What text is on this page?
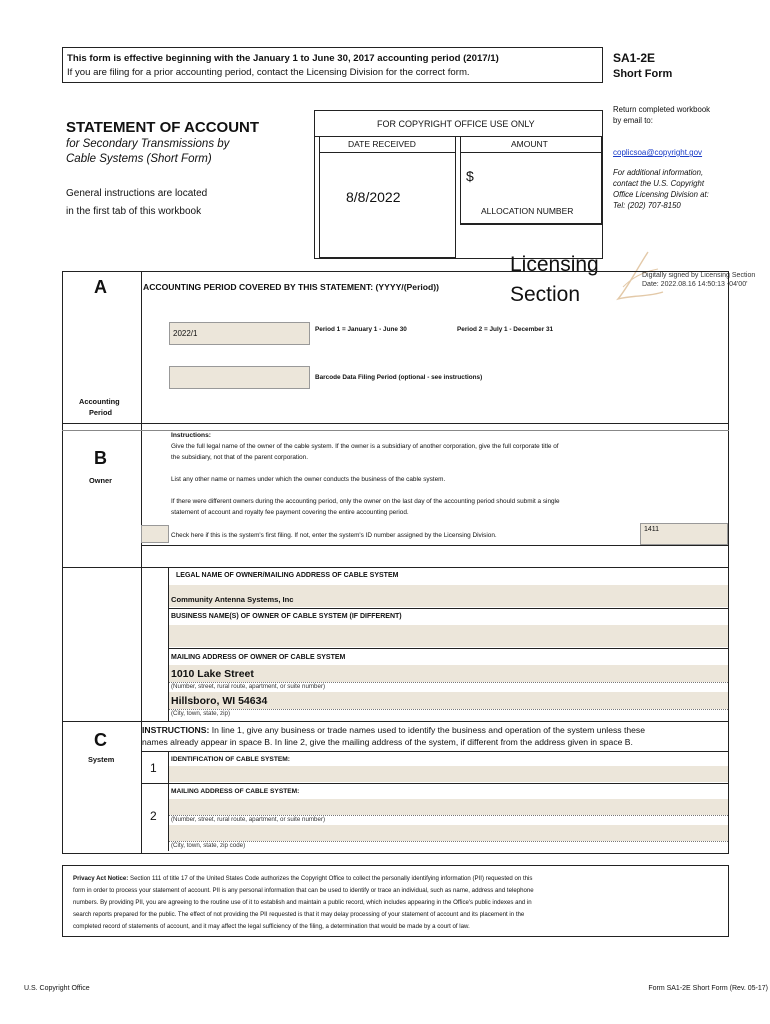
This form is effective beginning with the January 1 to June 30, 2017 accounting period (2017/1)
If you are filing for a prior accounting period, contact the Licensing Division for the correct form.
SA1-2E
Short Form
Return completed workbook
by email to:
coplicsoa@copyright.gov
For additional information,
contact the U.S. Copyright
Office Licensing Division at:
Tel: (202) 707-8150
STATEMENT OF ACCOUNT
for Secondary Transmissions by
Cable Systems (Short Form)
General instructions are located
in the first tab of this workbook
FOR COPYRIGHT OFFICE USE ONLY
DATE RECEIVED	AMOUNT
8/8/2022
$
ALLOCATION NUMBER
Licensing
Section
Digitally signed by Licensing Section
Date: 2022.08.16 14:50:13 -04'00'
A	ACCOUNTING PERIOD COVERED BY THIS STATEMENT: (YYYY/(Period))
2022/1
Period 1 = January 1 - June 30	Period 2 = July 1 - December 31
Barcode Data Filing Period (optional - see instructions)
Accounting
Period
B
Owner
Instructions:
Give the full legal name of the owner of the cable system. If the owner is a subsidiary of another corporation, give the full corporate title of
the subsidiary, not that of the parent corporation.
List any other name or names under which the owner conducts the business of the cable system.
If there were different owners during the accounting period, only the owner on the last day of the accounting period should submit a single
statement of account and royalty fee payment covering the entire accounting period.
Check here if this is the system's first filing. If not, enter the system's ID number assigned by the Licensing Division.
1411
LEGAL NAME OF OWNER/MAILING ADDRESS OF CABLE SYSTEM
Community Antenna Systems, Inc
BUSINESS NAME(S) OF OWNER OF CABLE SYSTEM (IF DIFFERENT)
MAILING ADDRESS OF OWNER OF CABLE SYSTEM
1010 Lake Street
(Number, street, rural route, apartment, or suite number)
Hillsboro, WI 54634
(City, town, state, zip)
C
System
INSTRUCTIONS: In line 1, give any business or trade names used to identify the business and operation of the system unless these
names already appear in space B. In line 2, give the mailing address of the system, if different from the address given in space B.
1
IDENTIFICATION OF CABLE SYSTEM:
2
MAILING ADDRESS OF CABLE SYSTEM:
(Number, street, rural route, apartment, or suite number)
(City, town, state, zip code)
Privacy Act Notice: Section 111 of title 17 of the United States Code authorizes the Copyright Office to collect the personally identifying information (PII) requested on this
form in order to process your statement of account. PII is any personal information that can be used to identify or trace an individual, such as name, address and telephone
numbers. By providing PII, you are agreeing to the routine use of it to establish and maintain a public record, which includes appearing in the Office's public indexes and in
search reports prepared for the public. The effect of not providing the PII requested is that it may delay processing of your statement of account and its placement in the
completed record of statements of account, and it may affect the legal sufficiency of the filing, a determination that would be made by a court of law.
U.S. Copyright Office	Form SA1-2E Short Form (Rev. 05-17)
